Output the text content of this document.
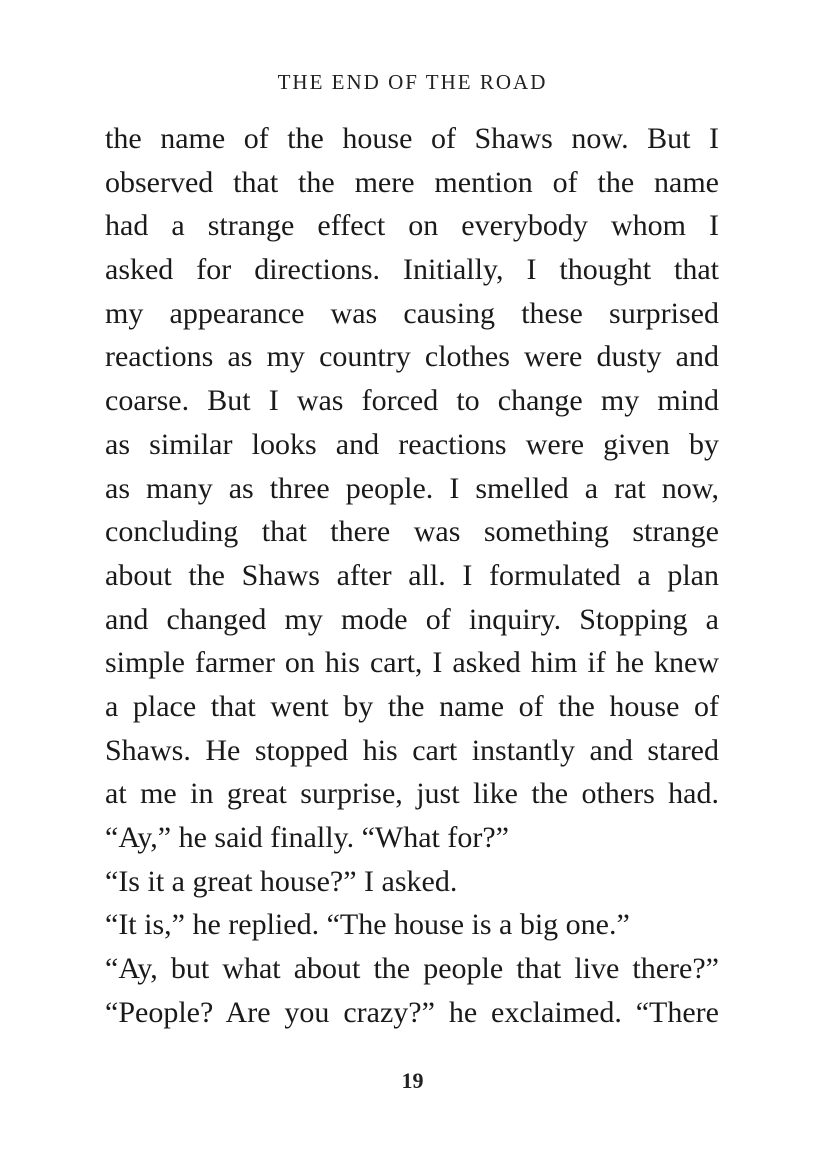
THE END OF THE ROAD
the name of the house of Shaws now. But I
observed that the mere mention of the name
had a strange effect on everybody whom I
asked for directions. Initially, I thought that
my appearance was causing these surprised
reactions as my country clothes were dusty and
coarse. But I was forced to change my mind
as similar looks and reactions were given by
as many as three people. I smelled a rat now,
concluding that there was something strange
about the Shaws after all. I formulated a plan
and changed my mode of inquiry. Stopping a
simple farmer on his cart, I asked him if he knew
a place that went by the name of the house of
Shaws. He stopped his cart instantly and stared
at me in great surprise, just like the others had.
“Ay,” he said finally. “What for?”
“Is it a great house?” I asked.
“It is,” he replied. “The house is a big one.”
“Ay, but what about the people that live there?”
“People? Are you crazy?” he exclaimed. “There
19
